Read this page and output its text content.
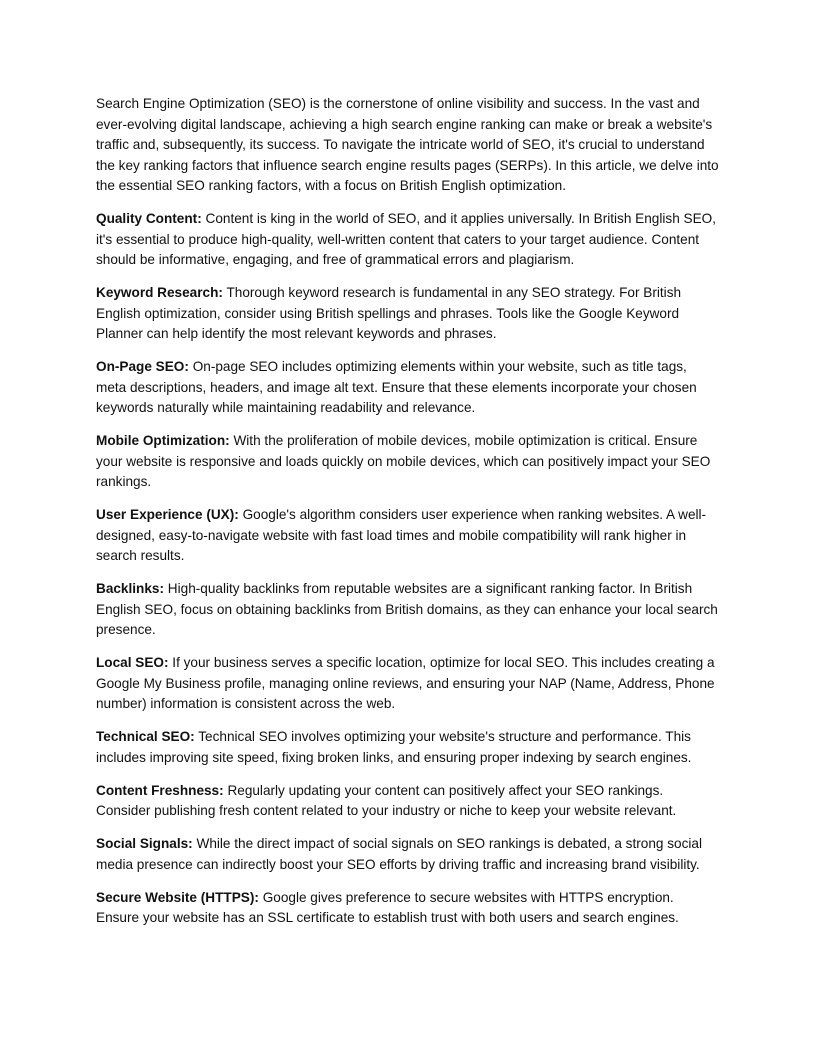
Search Engine Optimization (SEO) is the cornerstone of online visibility and success. In the vast and ever-evolving digital landscape, achieving a high search engine ranking can make or break a website's traffic and, subsequently, its success. To navigate the intricate world of SEO, it's crucial to understand the key ranking factors that influence search engine results pages (SERPs). In this article, we delve into the essential SEO ranking factors, with a focus on British English optimization.

Quality Content: Content is king in the world of SEO, and it applies universally. In British English SEO, it's essential to produce high-quality, well-written content that caters to your target audience. Content should be informative, engaging, and free of grammatical errors and plagiarism.

Keyword Research: Thorough keyword research is fundamental in any SEO strategy. For British English optimization, consider using British spellings and phrases. Tools like the Google Keyword Planner can help identify the most relevant keywords and phrases.

On-Page SEO: On-page SEO includes optimizing elements within your website, such as title tags, meta descriptions, headers, and image alt text. Ensure that these elements incorporate your chosen keywords naturally while maintaining readability and relevance.

Mobile Optimization: With the proliferation of mobile devices, mobile optimization is critical. Ensure your website is responsive and loads quickly on mobile devices, which can positively impact your SEO rankings.

User Experience (UX): Google's algorithm considers user experience when ranking websites. A well-designed, easy-to-navigate website with fast load times and mobile compatibility will rank higher in search results.

Backlinks: High-quality backlinks from reputable websites are a significant ranking factor. In British English SEO, focus on obtaining backlinks from British domains, as they can enhance your local search presence.

Local SEO: If your business serves a specific location, optimize for local SEO. This includes creating a Google My Business profile, managing online reviews, and ensuring your NAP (Name, Address, Phone number) information is consistent across the web.

Technical SEO: Technical SEO involves optimizing your website's structure and performance. This includes improving site speed, fixing broken links, and ensuring proper indexing by search engines.

Content Freshness: Regularly updating your content can positively affect your SEO rankings. Consider publishing fresh content related to your industry or niche to keep your website relevant.

Social Signals: While the direct impact of social signals on SEO rankings is debated, a strong social media presence can indirectly boost your SEO efforts by driving traffic and increasing brand visibility.

Secure Website (HTTPS): Google gives preference to secure websites with HTTPS encryption. Ensure your website has an SSL certificate to establish trust with both users and search engines.
